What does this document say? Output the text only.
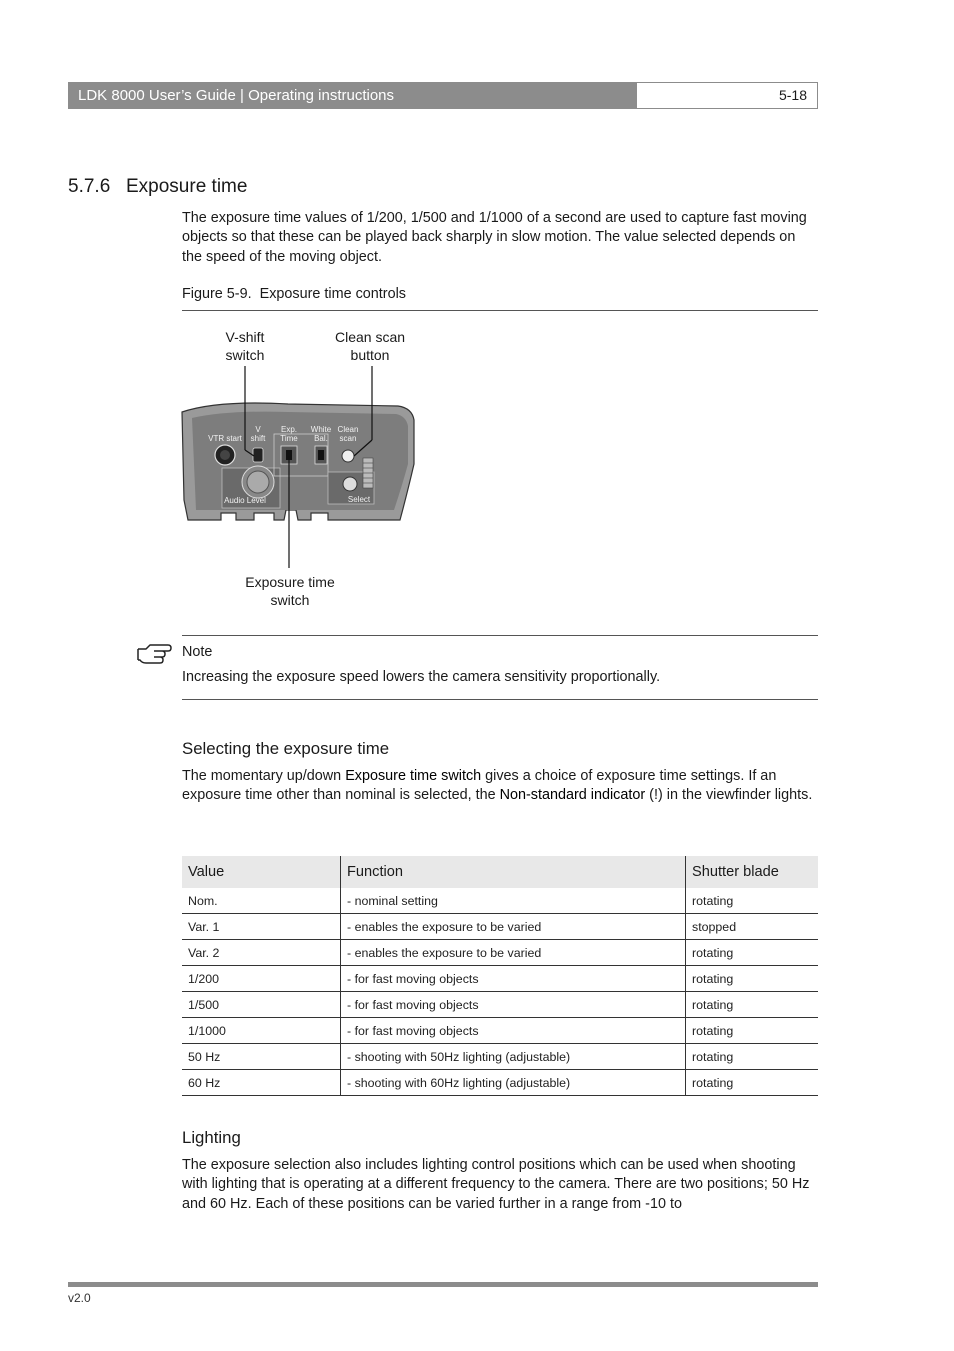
LDK 8000 User’s Guide | Operating instructions	5-18
5.7.6 Exposure time

The exposure time values of 1/200, 1/500 and 1/1000 of a second are used to capture fast moving objects so that these can be played back sharply in slow motion. The value selected depends on the speed of the moving object.

Figure 5-9. Exposure time controls
V-shift
switch
Clean scan
button
Exposure time
switch
VTR start
V
shift
Exp.
Time
White
Bal.
Clean
scan
Audio Level	Select
Note
Increasing the exposure speed lowers the camera sensitivity proportionally.
Selecting the exposure time

The momentary up/down Exposure time switch gives a choice of exposure time settings. If an exposure time other than nominal is selected, the Non-standard indicator (!) in the viewfinder lights.

Value	Function	Shutter blade
Nom.	- nominal setting	rotating
Var. 1	- enables the exposure to be varied	stopped
Var. 2	- enables the exposure to be varied	rotating
1/200	- for fast moving objects	rotating
1/500	- for fast moving objects	rotating
1/1000	- for fast moving objects	rotating
50 Hz	- shooting with 50Hz lighting (adjustable)	rotating
60 Hz	- shooting with 60Hz lighting (adjustable)	rotating
Lighting

The exposure selection also includes lighting control positions which can be used when shooting with lighting that is operating at a different frequency to the camera. There are two positions; 50 Hz and 60 Hz. Each of these positions can be varied further in a range from -10 to

v2.0
